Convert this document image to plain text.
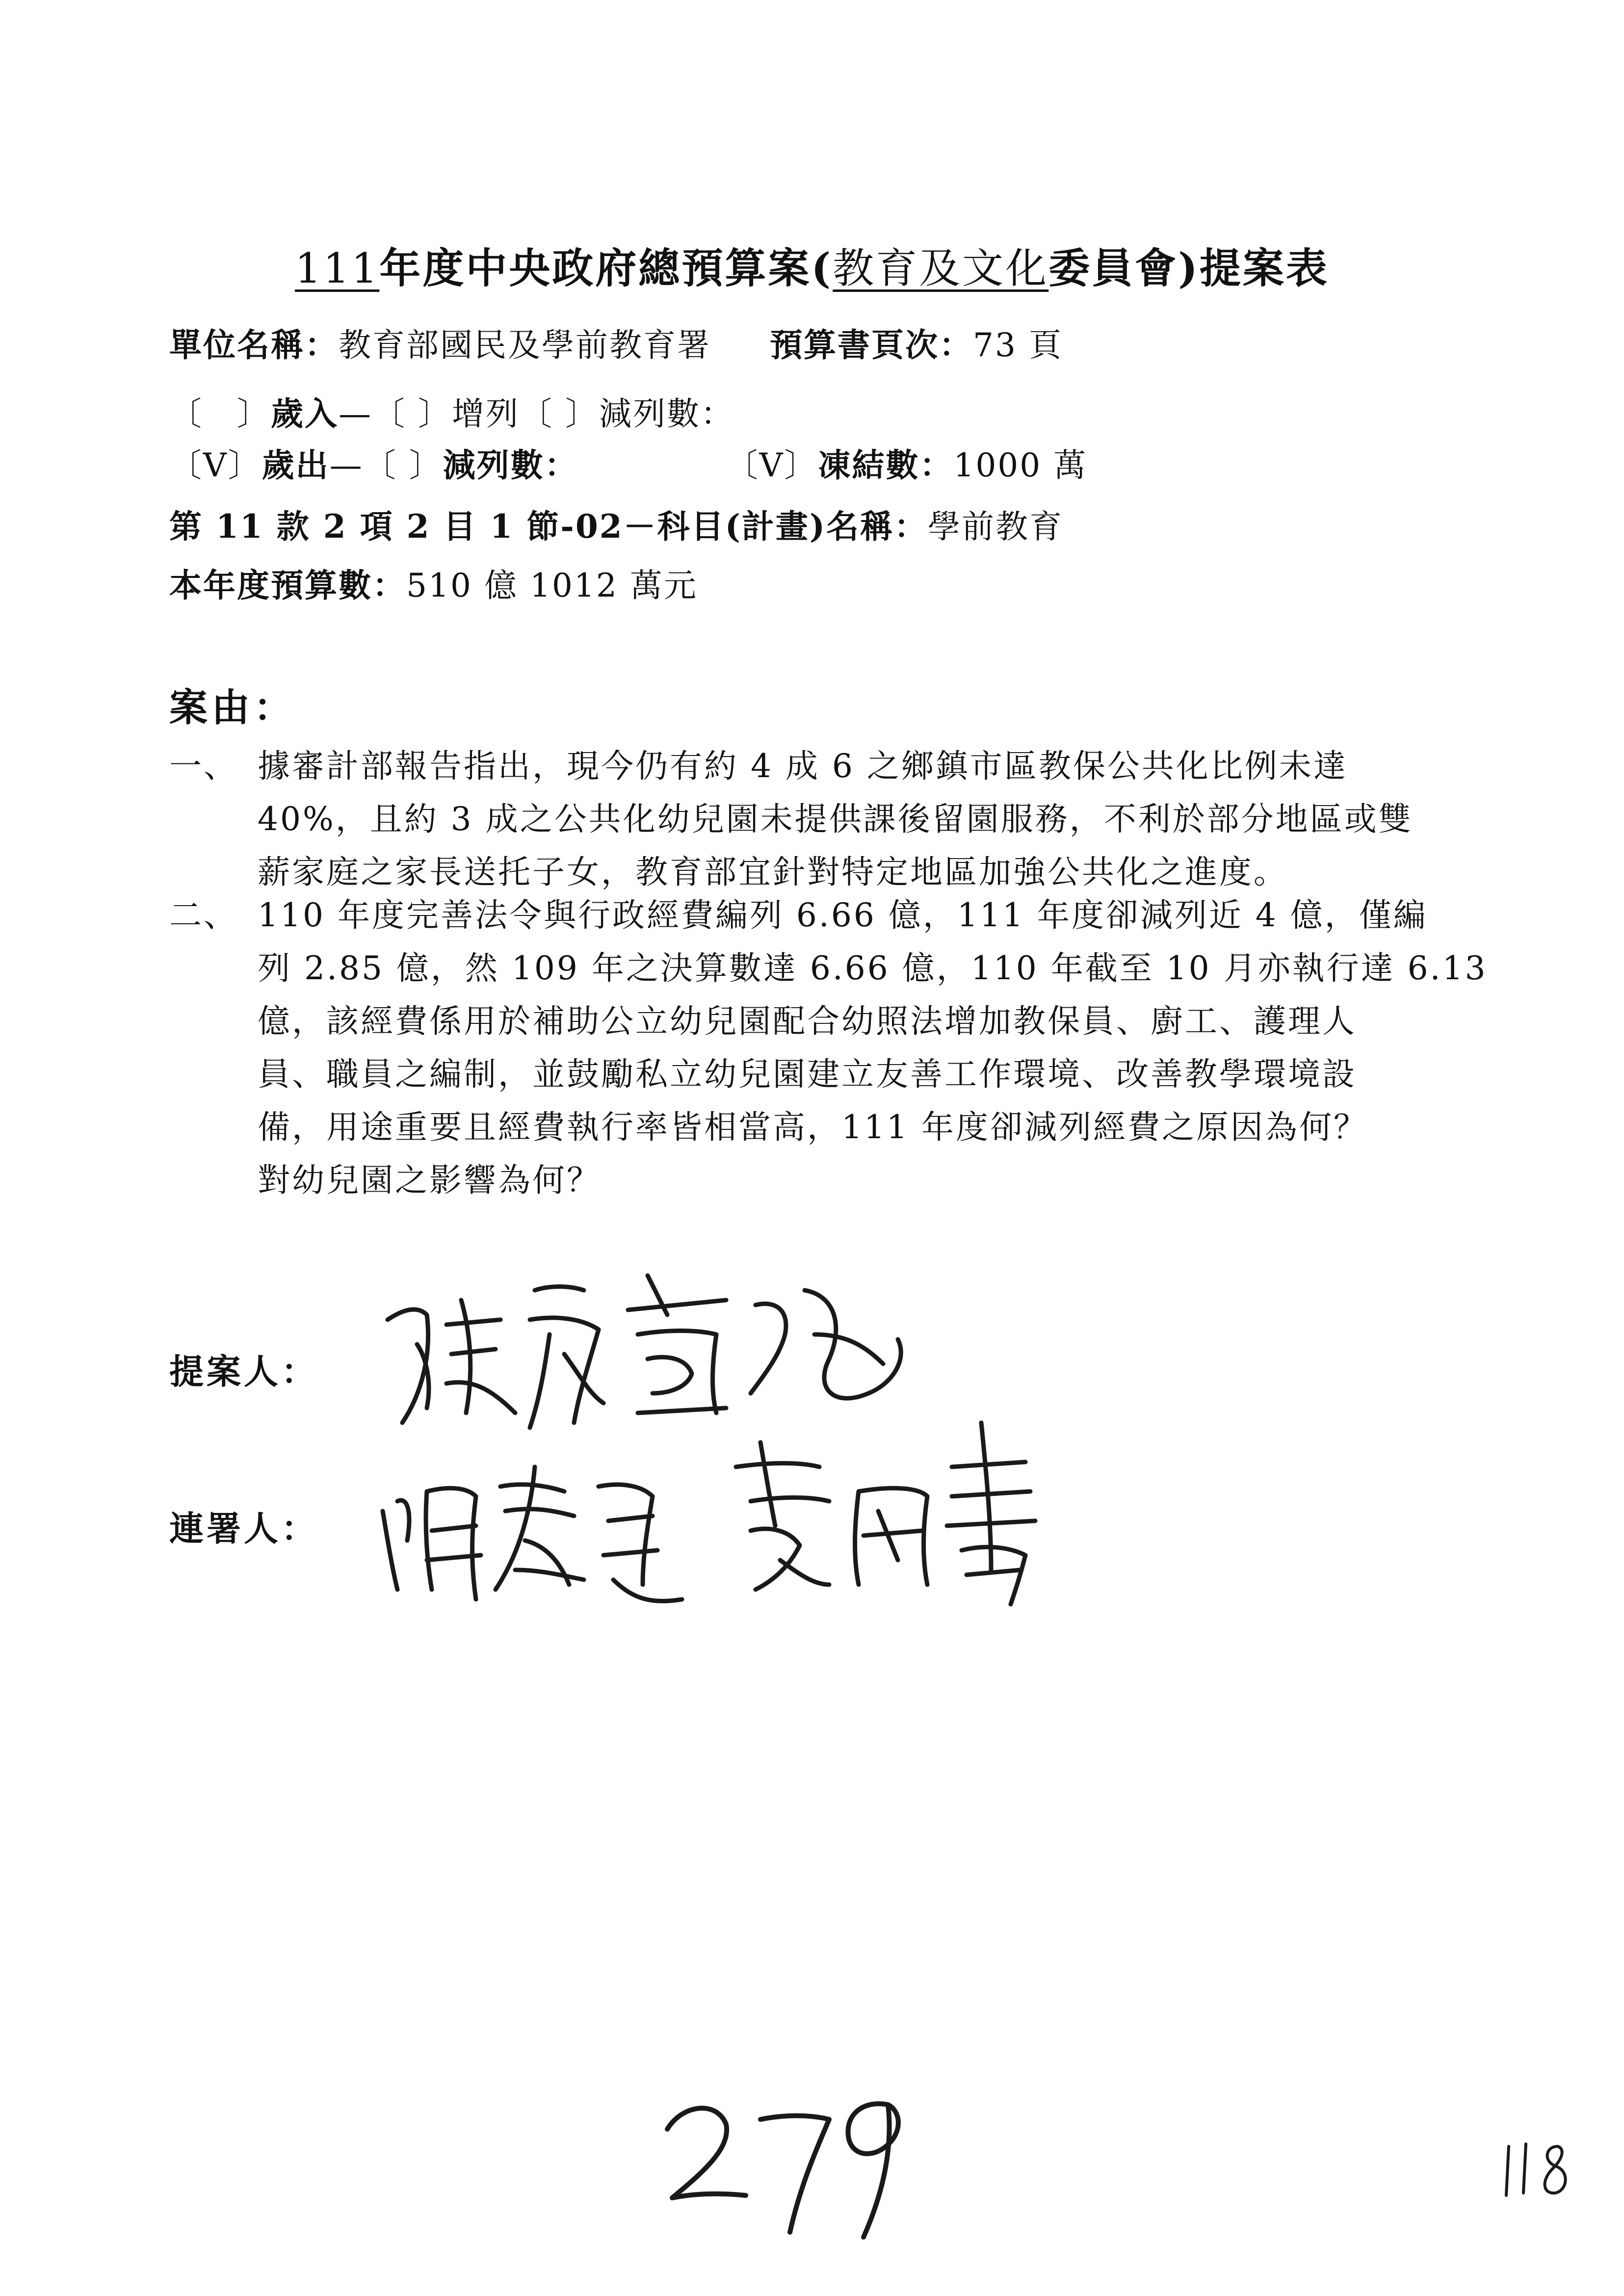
111年度中央政府總預算案(教育及文化委員會)提案表
單位名稱：教育部國民及學前教育署 預算書頁次：73 頁
〔　〕歲入—〔 〕增列〔 〕減列數：
〔V〕歲出—〔 〕減列數：	〔V〕凍結數：1000 萬
第 11 款 2 項 2 目 1 節-02－科目(計畫)名稱：學前教育
本年度預算數：510 億 1012 萬元
案由：
一、 據審計部報告指出，現今仍有約 4 成 6 之鄉鎮市區教保公共化比例未達
40%，且約 3 成之公共化幼兒園未提供課後留園服務，不利於部分地區或雙
薪家庭之家長送托子女，教育部宜針對特定地區加強公共化之進度。
二、 110 年度完善法令與行政經費編列 6.66 億，111 年度卻減列近 4 億，僅編
列 2.85 億，然 109 年之決算數達 6.66 億，110 年截至 10 月亦執行達 6.13
億，該經費係用於補助公立幼兒園配合幼照法增加教保員、廚工、護理人
員、職員之編制，並鼓勵私立幼兒園建立友善工作環境、改善教學環境設
備，用途重要且經費執行率皆相當高，111 年度卻減列經費之原因為何？
對幼兒園之影響為何？
提案人：
連署人：
